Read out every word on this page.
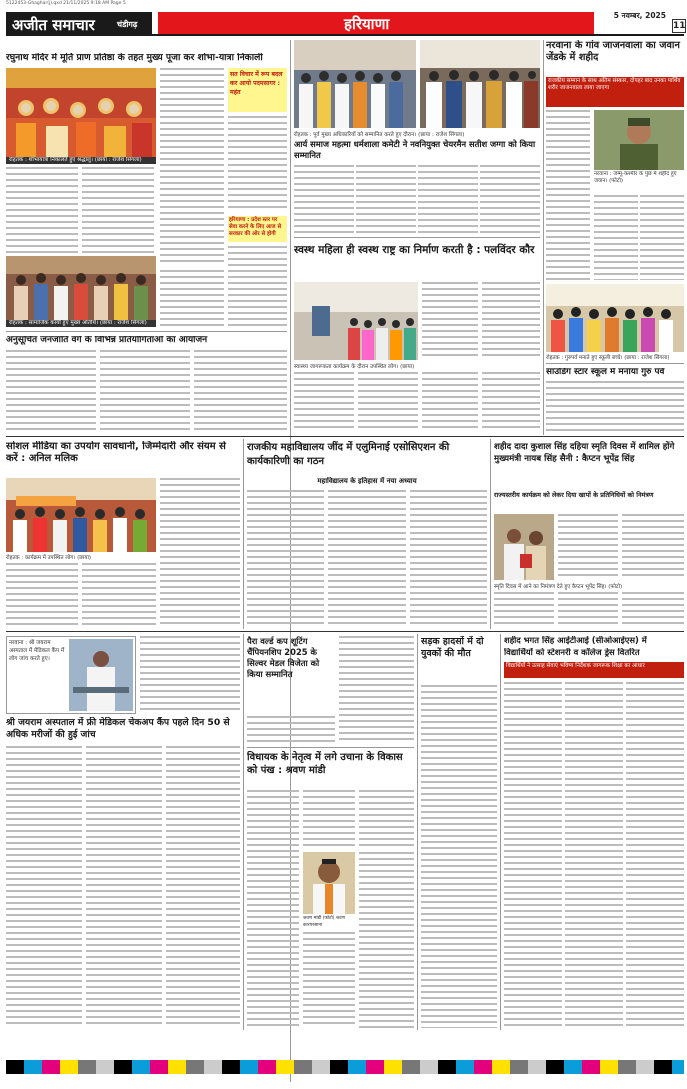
5122453-Ghaghar(j).qxd 21/11/2025 9:18 AM Page 5
अजीत समाचार	चंडीगढ़	हरियाणा	5 नवम्बर, 2025
11
रघुनाथ मंदिर में मूर्ति प्राण प्रतिष्ठा के तहत मुख्य पूजा कर शोभा-यात्रा निकाली
रोहतक : शोभायात्रा निकालते हुए श्रद्धालु। (छाया : राजेश सिंगला)
रोहतक : सामाजिक कार्यों हुए मुख्य अतिथि। (छाया : राजेश सिंगला)
सत विचार में रूप बदल कर आयो पदमसागर : महंत
हरियाणा : प्रदेश स्तर पर सेवा करने के लिए आज से सरकार की ओर से होगी
अनुसूचित जनजाति वर्ग के विभिन्न प्रतियोगिताओं का आयोजन
रोहतक : पूर्व मुख्य अधिकारियों को सम्मानित करते हुए दौरान। (छाया : राजेश सिंगला)
आर्य समाज महत्मा धर्मशाला कमेटी ने नवनियुक्त चेयरमैन सतीश जग्गा को किया सम्मानित
स्वस्थ महिला ही स्वस्थ राष्ट्र का निर्माण करती है : पलविंदर कौर
स्वास्थ्य जागरूकता कार्यक्रम के दौरान उपस्थित लोग। (छाया)
नरवाना के गांव जाजनवाला का जवान जेंडके में शहीद
राजकीय सम्मान के साथ अंतिम संस्कार, दोपहर बाद उनका पार्थिव शरीर जाजनवाला लाया जाएगा
नरवाना : जम्मू-कश्मीर के पुंछ में शहीद हुए जवान। (फोटो)
रोहतक : गुरुपर्व मनाते हुए स्कूली बच्चे। (छाया : राजेश सिंगला)
साउंडिंग स्टार स्कूल में मनाया गुरु पर्व
सोशल मीडिया का उपयोग सावधानी, जिम्मेदारी और संयम से करें : अनिल मलिक
रोहतक : कार्यक्रम में उपस्थित लोग। (छाया)
राजकीय महाविद्यालय जींद में एलुमिनाई एसोसिएशन की कार्यकारिणी का गठन
महाविद्यालय के इतिहास में नया अध्याय
शहीद दादा कुशाल सिंह दहिया स्मृति दिवस में शामिल होंगे मुख्यमंत्री नायब सिंह सैनी : कैप्टन भूपेंद्र सिंह
राज्यस्तरीय कार्यक्रम को लेकर दिया खापों के प्रतिनिधियों को निमंत्रण
स्मृति दिवस में आने का निमंत्रण देते हुए कैप्टन भूपेंद्र सिंह। (फोटो)
नरवाना : श्री जयराम अस्पताल में मेडिकल कैंप में लोग जांच करते हुए।
श्री जयराम अस्पताल में फ्री मेडिकल चेकअप कैंप पहले दिन 50 से अधिक मरीजों की हुई जांच
पैरा वर्ल्ड कप शूटिंग चैंपियनशिप 2025 के सिल्वर मेडल विजेता को किया सम्मानित
विधायक के नेतृत्व में लगे उचाना के विकास को पंख : श्रवण मांडी
श्रवण मांडी (फोटो) श्रवण कारपरसाना
सड़क हादसों में दो युवकों की मौत
शहीद भगत सिंह आईटीआई (सीओआईएस) में
विद्यार्थियों को स्टेशनरी व कॉलेज ड्रेस वितरित
विद्यार्थियों ने उत्साह सेवाएं भविष्य निर्देशक जागरूक शिक्षा का आधार
